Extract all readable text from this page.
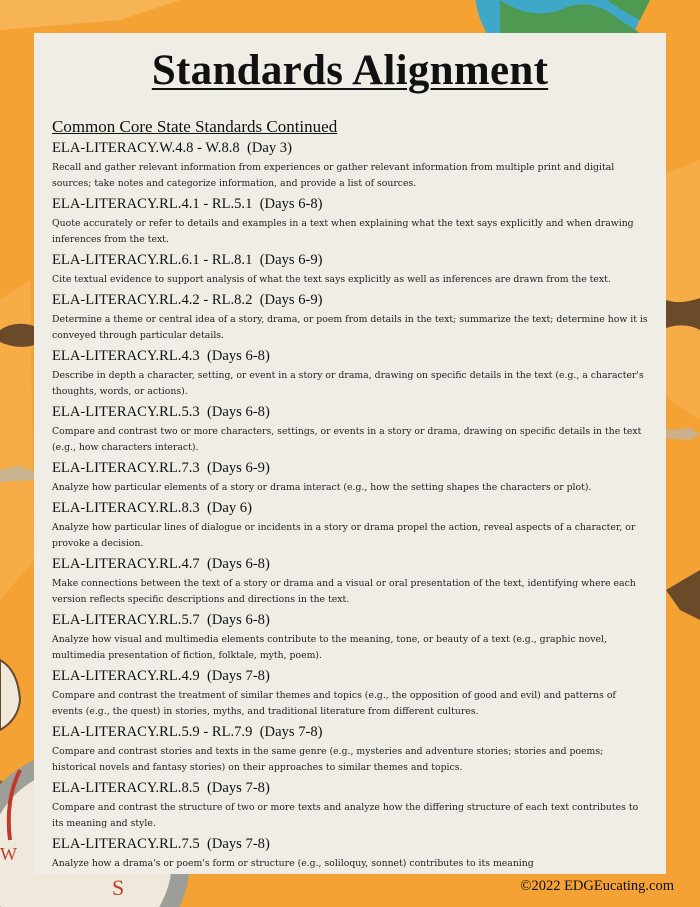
W
S
Standards Alignment
Common Core State Standards Continued
ELA-LITERACY.W.4.8 - W.8.8 (Day 3)
Recall and gather relevant information from experiences or gather relevant information from multiple print and digital sources; take notes and categorize information, and provide a list of sources.
ELA-LITERACY.RL.4.1 - RL.5.1 (Days 6-8)
Quote accurately or refer to details and examples in a text when explaining what the text says explicitly and when drawing inferences from the text.
ELA-LITERACY.RL.6.1 - RL.8.1 (Days 6-9)
Cite textual evidence to support analysis of what the text says explicitly as well as inferences are drawn from the text.
ELA-LITERACY.RL.4.2 - RL.8.2 (Days 6-9)
Determine a theme or central idea of a story, drama, or poem from details in the text; summarize the text; determine how it is conveyed through particular details.
ELA-LITERACY.RL.4.3 (Days 6-8)
Describe in depth a character, setting, or event in a story or drama, drawing on specific details in the text (e.g., a character's thoughts, words, or actions).
ELA-LITERACY.RL.5.3 (Days 6-8)
Compare and contrast two or more characters, settings, or events in a story or drama, drawing on specific details in the text (e.g., how characters interact).
ELA-LITERACY.RL.7.3 (Days 6-9)
Analyze how particular elements of a story or drama interact (e.g., how the setting shapes the characters or plot).
ELA-LITERACY.RL.8.3 (Day 6)
Analyze how particular lines of dialogue or incidents in a story or drama propel the action, reveal aspects of a character, or provoke a decision.
ELA-LITERACY.RL.4.7 (Days 6-8)
Make connections between the text of a story or drama and a visual or oral presentation of the text, identifying where each version reflects specific descriptions and directions in the text.
ELA-LITERACY.RL.5.7 (Days 6-8)
Analyze how visual and multimedia elements contribute to the meaning, tone, or beauty of a text (e.g., graphic novel, multimedia presentation of fiction, folktale, myth, poem).
ELA-LITERACY.RL.4.9 (Days 7-8)
Compare and contrast the treatment of similar themes and topics (e.g., the opposition of good and evil) and patterns of events (e.g., the quest) in stories, myths, and traditional literature from different cultures.
ELA-LITERACY.RL.5.9 - RL.7.9 (Days 7-8)
Compare and contrast stories and texts in the same genre (e.g., mysteries and adventure stories; stories and poems; historical novels and fantasy stories) on their approaches to similar themes and topics.
ELA-LITERACY.RL.8.5 (Days 7-8)
Compare and contrast the structure of two or more texts and analyze how the differing structure of each text contributes to its meaning and style.
ELA-LITERACY.RL.7.5 (Days 7-8)
Analyze how a drama's or poem's form or structure (e.g., soliloquy, sonnet) contributes to its meaning
©2022 EDGEucating.com
